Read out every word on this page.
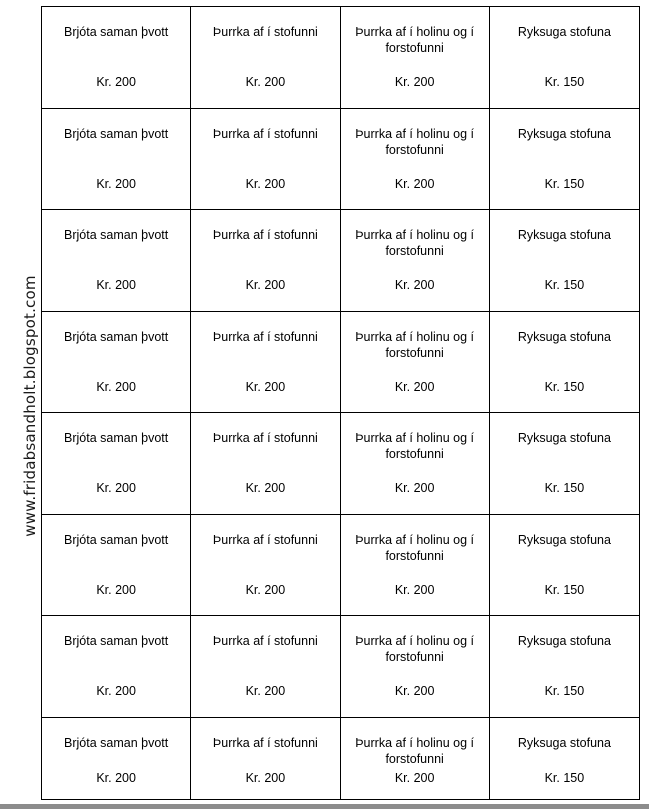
www.fridabsandholt.blogspot.com
Brjóta saman þvott
Kr. 200
Þurrka af í stofunni
Kr. 200
Þurrka af í holinu og í forstofunni
Kr. 200
Ryksuga stofuna
Kr. 150
Brjóta saman þvott
Kr. 200
Þurrka af í stofunni
Kr. 200
Þurrka af í holinu og í forstofunni
Kr. 200
Ryksuga stofuna
Kr. 150
Brjóta saman þvott
Kr. 200
Þurrka af í stofunni
Kr. 200
Þurrka af í holinu og í forstofunni
Kr. 200
Ryksuga stofuna
Kr. 150
Brjóta saman þvott
Kr. 200
Þurrka af í stofunni
Kr. 200
Þurrka af í holinu og í forstofunni
Kr. 200
Ryksuga stofuna
Kr. 150
Brjóta saman þvott
Kr. 200
Þurrka af í stofunni
Kr. 200
Þurrka af í holinu og í forstofunni
Kr. 200
Ryksuga stofuna
Kr. 150
Brjóta saman þvott
Kr. 200
Þurrka af í stofunni
Kr. 200
Þurrka af í holinu og í forstofunni
Kr. 200
Ryksuga stofuna
Kr. 150
Brjóta saman þvott
Kr. 200
Þurrka af í stofunni
Kr. 200
Þurrka af í holinu og í forstofunni
Kr. 200
Ryksuga stofuna
Kr. 150
Brjóta saman þvott
Kr. 200
Þurrka af í stofunni
Kr. 200
Þurrka af í holinu og í forstofunni
Kr. 200
Ryksuga stofuna
Kr. 150
